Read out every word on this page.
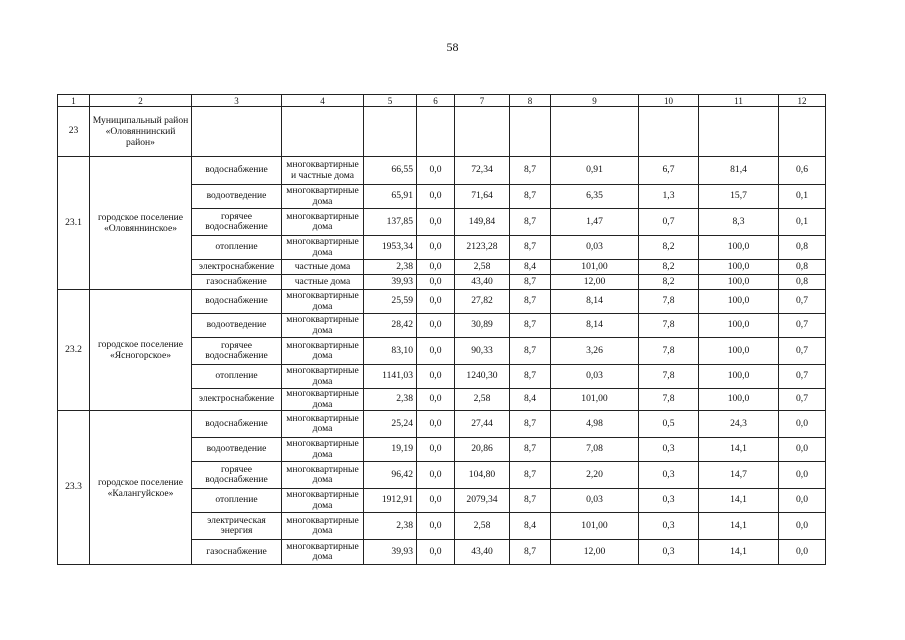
58
1	2	3	4	5	6	7	8	9	10	11	12
23	Муниципальный район «Оловяннинский район»										
23.1	городское поселение «Оловяннинское»	водоснабжение	многоквартирные и частные дома	66,55	0,0	72,34	8,7	0,91	6,7	81,4	0,6
		водоотведение	многоквартирные дома	65,91	0,0	71,64	8,7	6,35	1,3	15,7	0,1
		горячее водоснабжение	многоквартирные дома	137,85	0,0	149,84	8,7	1,47	0,7	8,3	0,1
		отопление	многоквартирные дома	1953,34	0,0	2123,28	8,7	0,03	8,2	100,0	0,8
		электроснабжение	частные дома	2,38	0,0	2,58	8,4	101,00	8,2	100,0	0,8
		газоснабжение	частные дома	39,93	0,0	43,40	8,7	12,00	8,2	100,0	0,8
23.2	городское поселение «Ясногорское»	водоснабжение	многоквартирные дома	25,59	0,0	27,82	8,7	8,14	7,8	100,0	0,7
		водоотведение	многоквартирные дома	28,42	0,0	30,89	8,7	8,14	7,8	100,0	0,7
		горячее водоснабжение	многоквартирные дома	83,10	0,0	90,33	8,7	3,26	7,8	100,0	0,7
		отопление	многоквартирные дома	1141,03	0,0	1240,30	8,7	0,03	7,8	100,0	0,7
		электроснабжение	многоквартирные дома	2,38	0,0	2,58	8,4	101,00	7,8	100,0	0,7
23.3	городское поселение «Калангуйское»	водоснабжение	многоквартирные дома	25,24	0,0	27,44	8,7	4,98	0,5	24,3	0,0
		водоотведение	многоквартирные дома	19,19	0,0	20,86	8,7	7,08	0,3	14,1	0,0
		горячее водоснабжение	многоквартирные дома	96,42	0,0	104,80	8,7	2,20	0,3	14,7	0,0
		отопление	многоквартирные дома	1912,91	0,0	2079,34	8,7	0,03	0,3	14,1	0,0
		электрическая энергия	многоквартирные дома	2,38	0,0	2,58	8,4	101,00	0,3	14,1	0,0
		газоснабжение	многоквартирные дома	39,93	0,0	43,40	8,7	12,00	0,3	14,1	0,0
